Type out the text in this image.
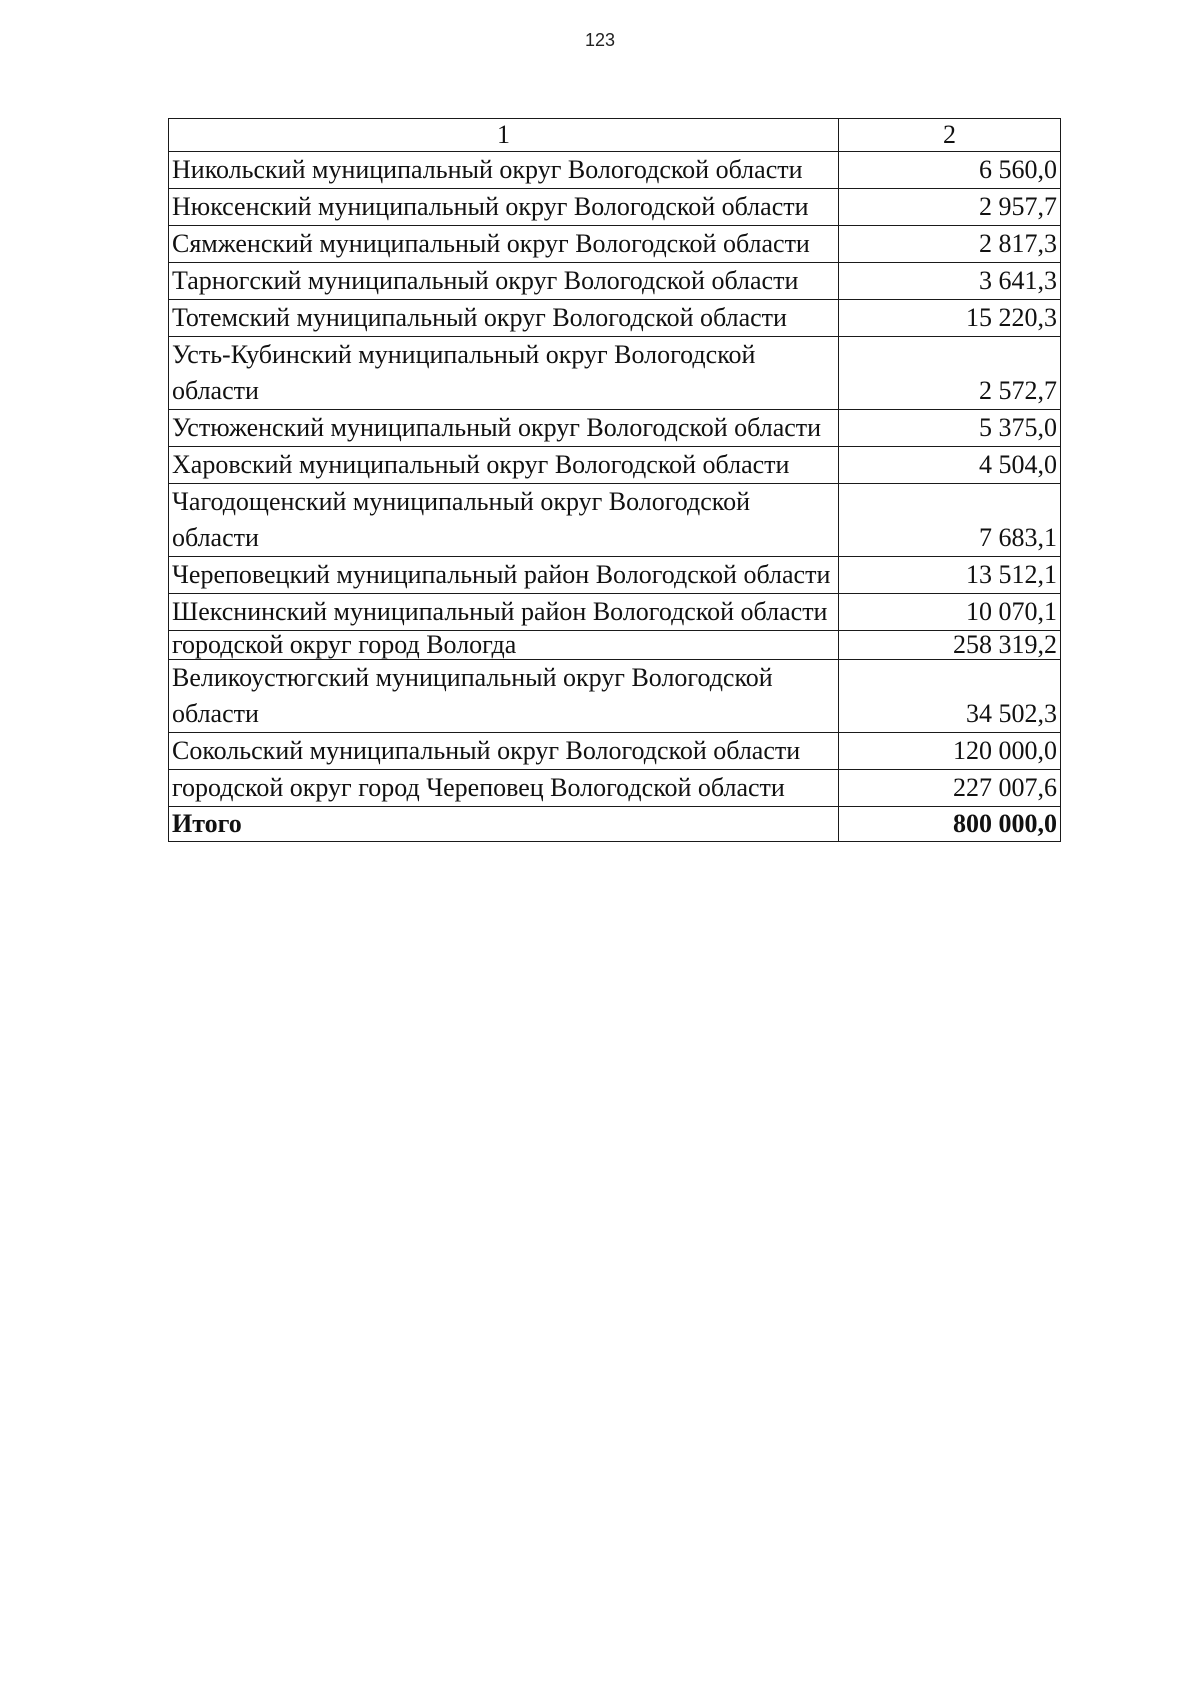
123
1	2
Никольский муниципальный округ Вологодской области	6 560,0
Нюксенский муниципальный округ Вологодской области	2 957,7
Сямженский муниципальный округ Вологодской области	2 817,3
Тарногский муниципальный округ Вологодской области	3 641,3
Тотемский муниципальный округ Вологодской области	15 220,3
Усть-Кубинский муниципальный округ Вологодской области	2 572,7
Устюженский муниципальный округ Вологодской области	5 375,0
Харовский муниципальный округ Вологодской области	4 504,0
Чагодощенский муниципальный округ Вологодской области	7 683,1
Череповецкий муниципальный район Вологодской области	13 512,1
Шекснинский муниципальный район Вологодской области	10 070,1
городской округ город Вологда	258 319,2
Великоустюгский муниципальный округ Вологодской области	34 502,3
Сокольский муниципальный округ Вологодской области	120 000,0
городской округ город Череповец Вологодской области	227 007,6
Итого	800 000,0
